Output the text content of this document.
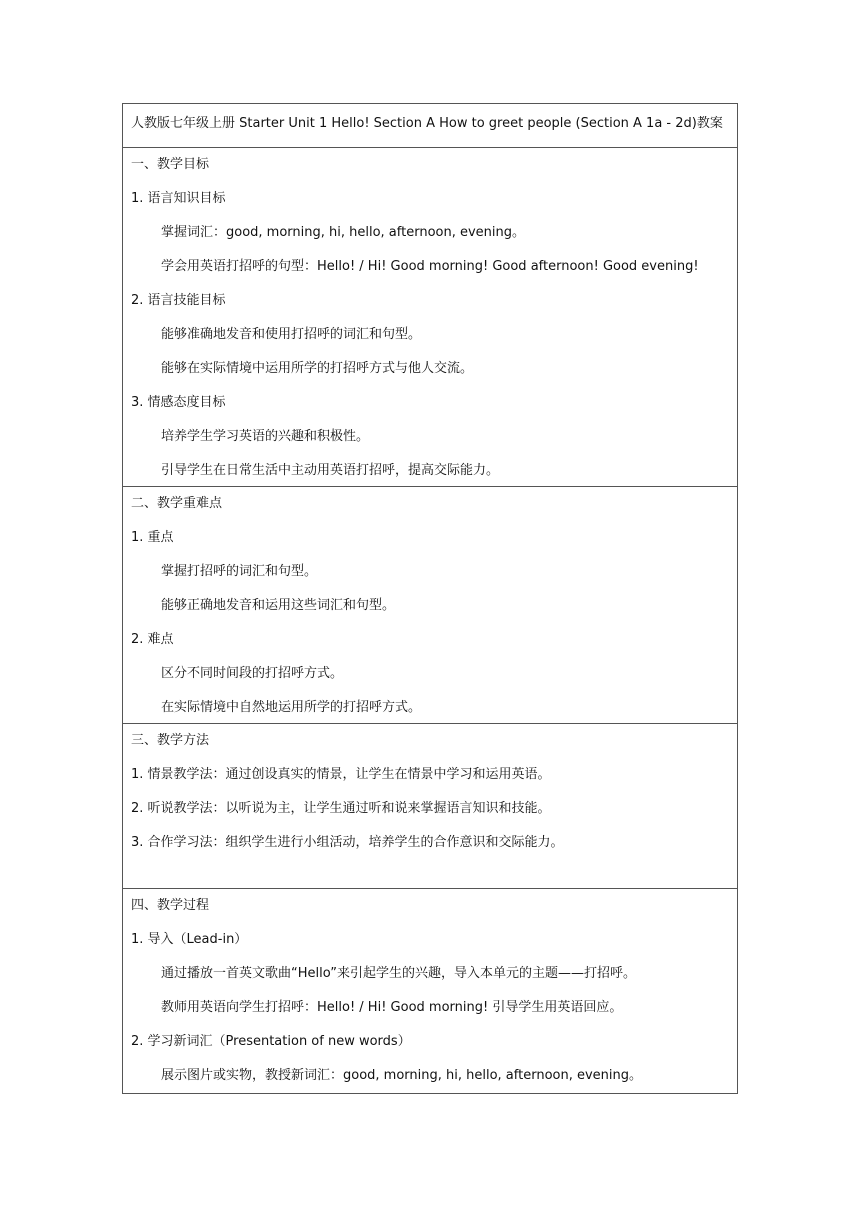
人教版七年级上册 Starter Unit 1 Hello! Section A How to greet people (Section A 1a - 2d)教案
一、教学目标
1. 语言知识目标
掌握词汇：good, morning, hi, hello, afternoon, evening。
学会用英语打招呼的句型：Hello! / Hi! Good morning! Good afternoon! Good evening!
2. 语言技能目标
能够准确地发音和使用打招呼的词汇和句型。
能够在实际情境中运用所学的打招呼方式与他人交流。
3. 情感态度目标
培养学生学习英语的兴趣和积极性。
引导学生在日常生活中主动用英语打招呼，提高交际能力。
二、教学重难点
1. 重点
掌握打招呼的词汇和句型。
能够正确地发音和运用这些词汇和句型。
2. 难点
区分不同时间段的打招呼方式。
在实际情境中自然地运用所学的打招呼方式。
三、教学方法
1. 情景教学法：通过创设真实的情景，让学生在情景中学习和运用英语。
2. 听说教学法：以听说为主，让学生通过听和说来掌握语言知识和技能。
3. 合作学习法：组织学生进行小组活动，培养学生的合作意识和交际能力。
四、教学过程
1. 导入（Lead-in）
通过播放一首英文歌曲“Hello”来引起学生的兴趣，导入本单元的主题——打招呼。
教师用英语向学生打招呼：Hello! / Hi! Good morning! 引导学生用英语回应。
2. 学习新词汇（Presentation of new words）
展示图片或实物，教授新词汇：good, morning, hi, hello, afternoon, evening。
